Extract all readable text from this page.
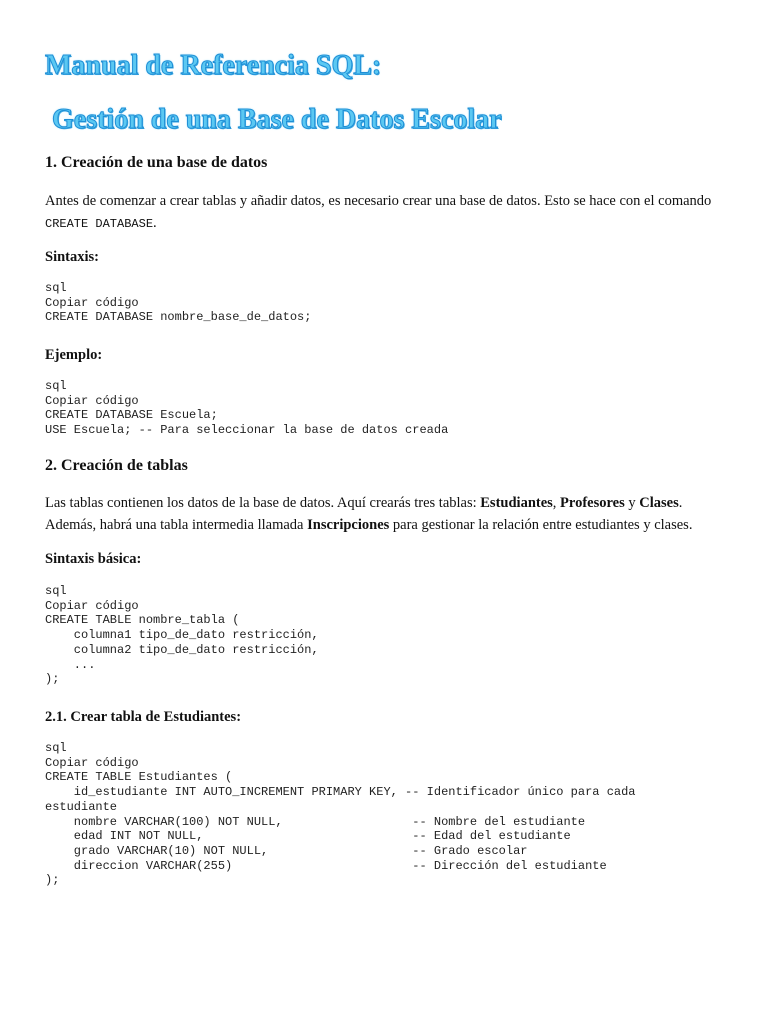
Manual de Referencia SQL:
Gestión de una Base de Datos Escolar
1. Creación de una base de datos

Antes de comenzar a crear tablas y añadir datos, es necesario crear una base de datos. Esto se hace con el comando CREATE DATABASE.

Sintaxis:

sql
Copiar código
CREATE DATABASE nombre_base_de_datos;

Ejemplo:

sql
Copiar código
CREATE DATABASE Escuela;
USE Escuela; -- Para seleccionar la base de datos creada
2. Creación de tablas

Las tablas contienen los datos de la base de datos. Aquí crearás tres tablas: Estudiantes, Profesores y Clases. Además, habrá una tabla intermedia llamada Inscripciones para gestionar la relación entre estudiantes y clases.

Sintaxis básica:

sql
Copiar código
CREATE TABLE nombre_tabla (
columna1 tipo_de_dato restricción,
columna2 tipo_de_dato restricción,
...
);

2.1. Crear tabla de Estudiantes:

sql
Copiar código
CREATE TABLE Estudiantes (
id_estudiante INT AUTO_INCREMENT PRIMARY KEY, -- Identificador único para cada
estudiante
nombre VARCHAR(100) NOT NULL,                  -- Nombre del estudiante
edad INT NOT NULL,                             -- Edad del estudiante
grado VARCHAR(10) NOT NULL,                    -- Grado escolar
direccion VARCHAR(255)                         -- Dirección del estudiante
);
